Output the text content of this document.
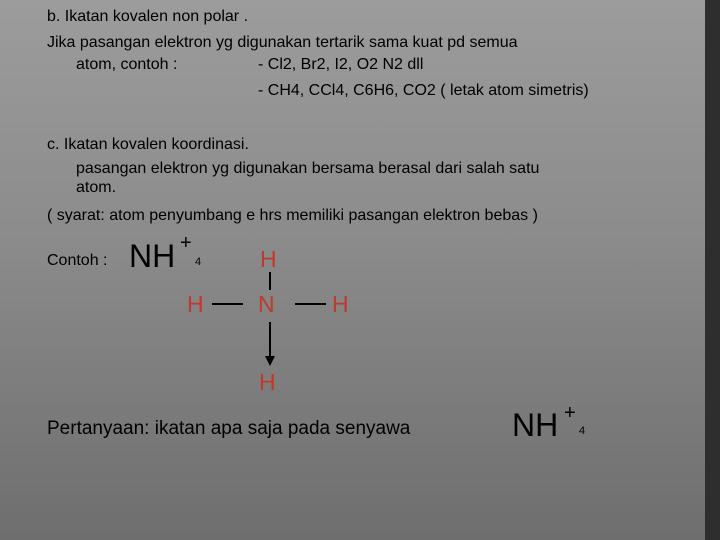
b. Ikatan kovalen non polar .
Jika pasangan elektron yg digunakan tertarik sama kuat pd semua
atom, contoh :	- Cl2, Br2, I2, O2 N2 dll
- CH4, CCl4, C6H6, CO2 ( letak atom simetris)
c. Ikatan kovalen koordinasi.
pasangan elektron yg digunakan bersama berasal dari salah satu
atom.
( syarat: atom penyumbang e hrs memiliki pasangan elektron bebas )
Contoh : NH +
4	H
H N H
H
Pertanyaan: ikatan apa saja pada senyawa	NH +
4
